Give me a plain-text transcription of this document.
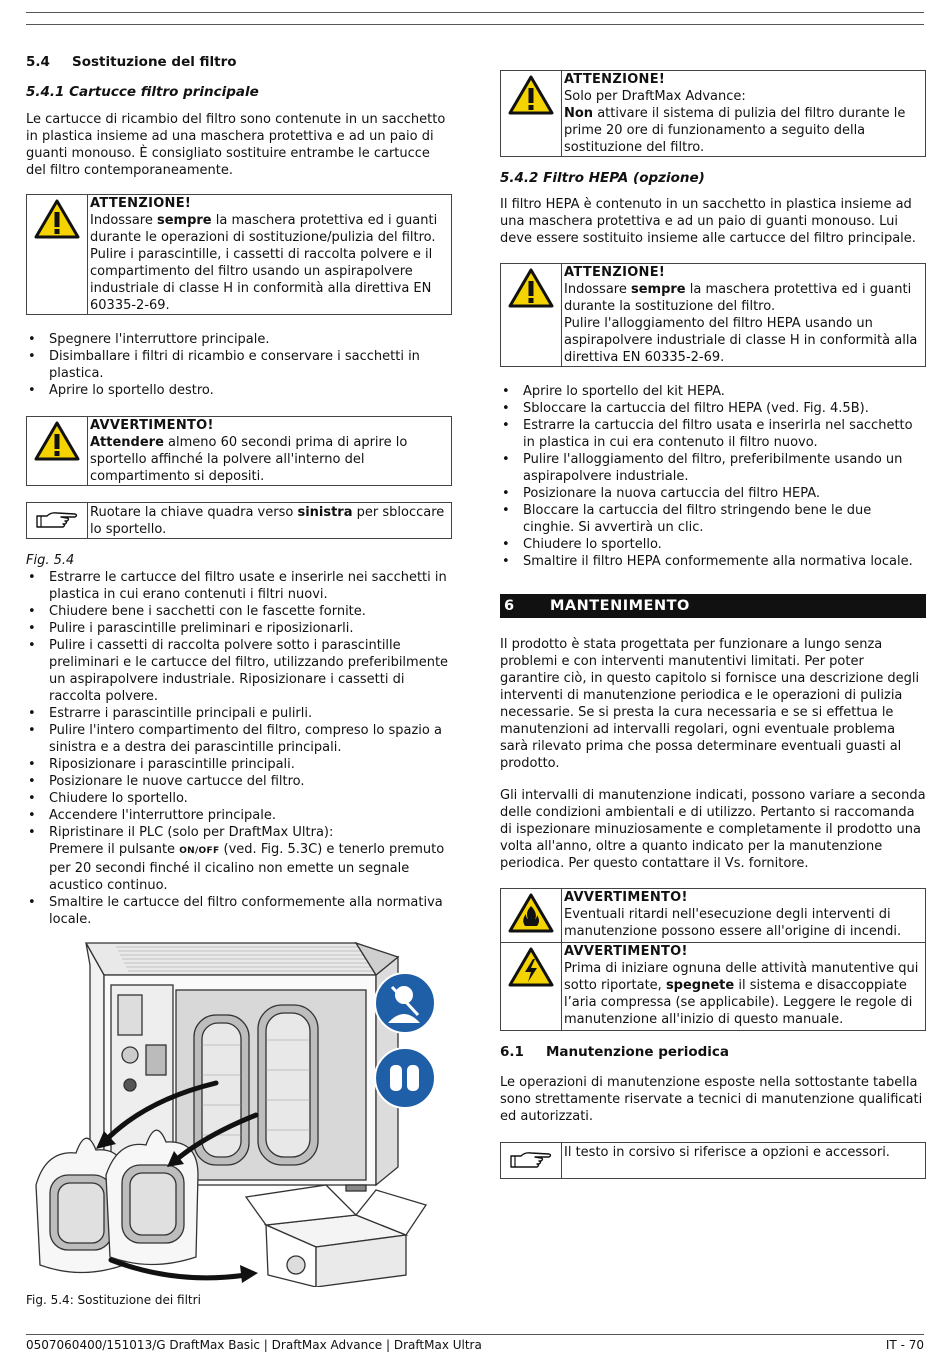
5.4	Sostituzione del filtro
5.4.1 Cartucce filtro principale

Le cartucce di ricambio del filtro sono contenute in un sacchetto in plastica insieme ad una maschera protettiva e ad un paio di guanti monouso. È consigliato sostituire entrambe le cartucce del filtro contemporaneamente.

ATTENZIONE!
Indossare sempre la maschera protettiva ed i guanti durante le operazioni di sostituzione/pulizia del filtro.
Pulire i parascintille, i cassetti di raccolta polvere e il compartimento del filtro usando un aspirapolvere industriale di classe H in conformità alla direttiva EN 60335-2-69.
• Spegnere l'interruttore principale.
• Disimballare i filtri di ricambio e conservare i sacchetti in plastica.
• Aprire lo sportello destro.
AVVERTIMENTO!
Attendere almeno 60 secondi prima di aprire lo sportello affinché la polvere all'interno del compartimento si depositi.
Ruotare la chiave quadra verso sinistra per sbloccare lo sportello.
Fig. 5.4
• Estrarre le cartucce del filtro usate e inserirle nei sacchetti in plastica in cui erano contenuti i filtri nuovi.
• Chiudere bene i sacchetti con le fascette fornite.
• Pulire i parascintille preliminari e riposizionarli.
• Pulire i cassetti di raccolta polvere sotto i parascintille preliminari e le cartucce del filtro, utilizzando preferibilmente un aspirapolvere industriale. Riposizionare i cassetti di raccolta polvere.
• Estrarre i parascintille principali e pulirli.
• Pulire l'intero compartimento del filtro, compreso lo spazio a sinistra e a destra dei parascintille principali.
• Riposizionare i parascintille principali.
• Posizionare le nuove cartucce del filtro.
• Chiudere lo sportello.
• Accendere l'interruttore principale.
• Ripristinare il PLC (solo per DraftMax Ultra):
Premere il pulsante ON/OFF (ved. Fig. 5.3C) e tenerlo premuto per 20 secondi finché il cicalino non emette un segnale acustico continuo.
• Smaltire le cartucce del filtro conformemente alla normativa locale.
Fig. 5.4: Sostituzione dei filtri
ATTENZIONE!
Solo per DraftMax Advance:
Non attivare il sistema di pulizia del filtro durante le prime 20 ore di funzionamento a seguito della sostituzione del filtro.
5.4.2 Filtro HEPA (opzione)

Il filtro HEPA è contenuto in un sacchetto in plastica insieme ad una maschera protettiva e ad un paio di guanti monouso. Lui deve essere sostituito insieme alle cartucce del filtro principale.

ATTENZIONE!
Indossare sempre la maschera protettiva ed i guanti durante la sostituzione del filtro.
Pulire l'alloggiamento del filtro HEPA usando un aspirapolvere industriale di classe H in conformità alla direttiva EN 60335-2-69.
• Aprire lo sportello del kit HEPA.
• Sbloccare la cartuccia del filtro HEPA (ved. Fig. 4.5B).
• Estrarre la cartuccia del filtro usata e inserirla nel sacchetto in plastica in cui era contenuto il filtro nuovo.
• Pulire l'alloggiamento del filtro, preferibilmente usando un aspirapolvere industriale.
• Posizionare la nuova cartuccia del filtro HEPA.
• Bloccare la cartuccia del filtro stringendo bene le due cinghie. Si avvertirà un clic.
• Chiudere lo sportello.
• Smaltire il filtro HEPA conformemente alla normativa locale.
6	MANTENIMENTO

Il prodotto è stata progettata per funzionare a lungo senza problemi e con interventi manutentivi limitati. Per poter garantire ciò, in questo capitolo si fornisce una descrizione degli interventi di manutenzione periodica e le operazioni di pulizia necessarie. Se si presta la cura necessaria e se si effettua le manutenzioni ad intervalli regolari, ogni eventuale problema sarà rilevato prima che possa determinare eventuali guasti al prodotto.

Gli intervalli di manutenzione indicati, possono variare a seconda delle condizioni ambientali e di utilizzo. Pertanto si raccomanda di ispezionare minuziosamente e completamente il prodotto una volta all'anno, oltre a quanto indicato per la manutenzione periodica. Per questo contattare il Vs. fornitore.

AVVERTIMENTO!
Eventuali ritardi nell'esecuzione degli interventi di manutenzione possono essere all'origine di incendi.
AVVERTIMENTO!
Prima di iniziare ognuna delle attività manutentive qui sotto riportate, spegnete il sistema e disaccoppiate l’aria compressa (se applicabile). Leggere le regole di manutenzione all'inizio di questo manuale.
6.1	Manutenzione periodica

Le operazioni di manutenzione esposte nella sottostante tabella sono strettamente riservate a tecnici di manutenzione qualificati ed autorizzati.

Il testo in corsivo si riferisce a opzioni e accessori.
0507060400/151013/G DraftMax Basic | DraftMax Advance | DraftMax Ultra	IT - 70
